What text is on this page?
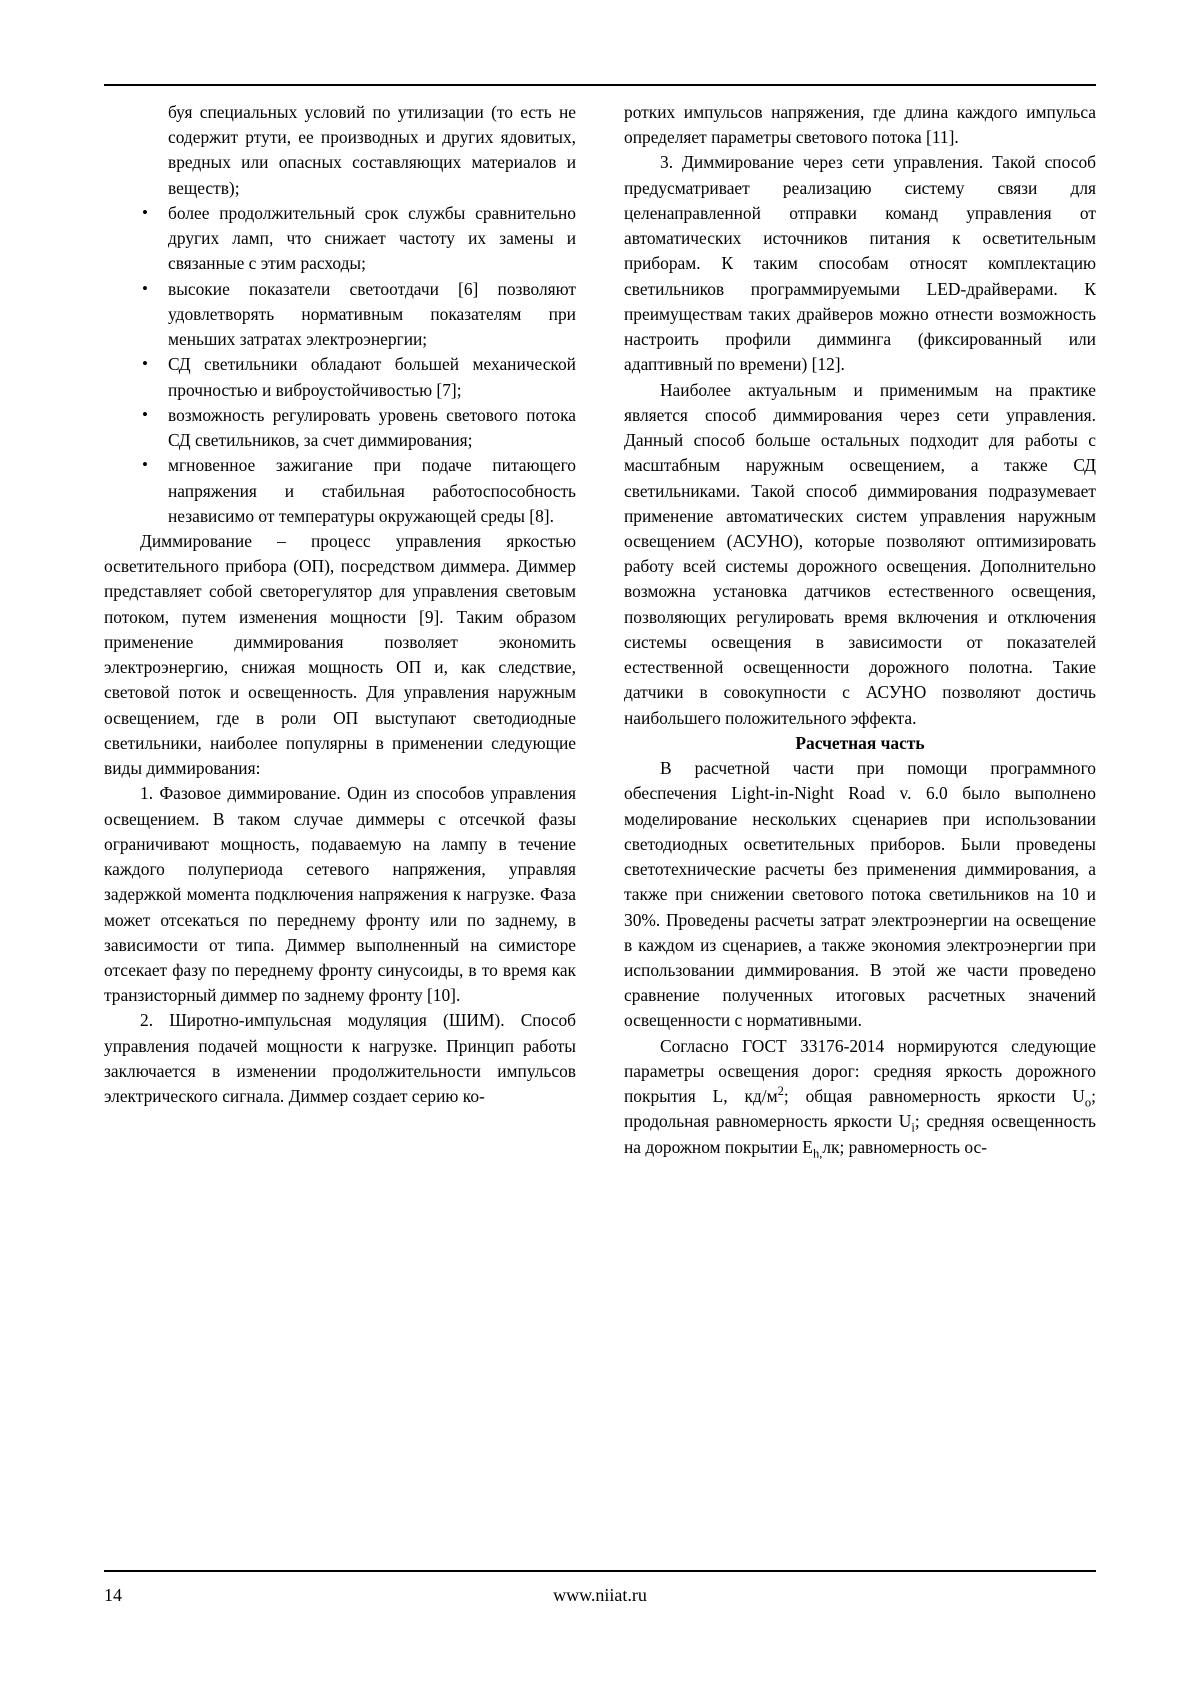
буя специальных условий по утилизации (то есть не содержит ртути, ее производных и других ядовитых, вредных или опасных составляющих материалов и веществ);

• более продолжительный срок службы сравнительно других ламп, что снижает частоту их замены и связанные с этим расходы;
• высокие показатели светоотдачи [6] позволяют удовлетворять нормативным показателям при меньших затратах электроэнергии;
• СД светильники обладают большей механической прочностью и виброустойчивостью [7];
• возможность регулировать уровень светового потока СД светильников, за счет диммирования;
• мгновенное зажигание при подаче питающего напряжения и стабильная работоспособность независимо от температуры окружающей среды [8].

Диммирование – процесс управления яркостью осветительного прибора (ОП), посредством диммера. Диммер представляет собой светорегулятор для управления световым потоком, путем изменения мощности [9]. Таким образом применение диммирования позволяет экономить электроэнергию, снижая мощность ОП и, как следствие, световой поток и освещенность. Для управления наружным освещением, где в роли ОП выступают светодиодные светильники, наиболее популярны в применении следующие виды диммирования:

1. Фазовое диммирование. Один из способов управления освещением. В таком случае диммеры с отсечкой фазы ограничивают мощность, подаваемую на лампу в течение каждого полупериода сетевого напряжения, управляя задержкой момента подключения напряжения к нагрузке. Фаза может отсекаться по переднему фронту или по заднему, в зависимости от типа. Диммер выполненный на симисторе отсекает фазу по переднему фронту синусоиды, в то время как транзисторный диммер по заднему фронту [10].

2. Широтно-импульсная модуляция (ШИМ). Способ управления подачей мощности к нагрузке. Принцип работы заключается в изменении продолжительности импульсов электрического сигнала. Диммер создает серию ко-

ротких импульсов напряжения, где длина каждого импульса определяет параметры светового потока [11].

3. Диммирование через сети управления. Такой способ предусматривает реализацию систему связи для целенаправленной отправки команд управления от автоматических источников питания к осветительным приборам. К таким способам относят комплектацию светильников программируемыми LED-драйверами. К преимуществам таких драйверов можно отнести возможность настроить профили димминга (фиксированный или адаптивный по времени) [12].

Наиболее актуальным и применимым на практике является способ диммирования через сети управления. Данный способ больше остальных подходит для работы с масштабным наружным освещением, а также СД светильниками. Такой способ диммирования подразумевает применение автоматических систем управления наружным освещением (АСУНО), которые позволяют оптимизировать работу всей системы дорожного освещения. Дополнительно возможна установка датчиков естественного освещения, позволяющих регулировать время включения и отключения системы освещения в зависимости от показателей естественной освещенности дорожного полотна. Такие датчики в совокупности с АСУНО позволяют достичь наибольшего положительного эффекта.

Расчетная часть

В расчетной части при помощи программного обеспечения Light-in-Night Road v. 6.0 было выполнено моделирование нескольких сценариев при использовании светодиодных осветительных приборов. Были проведены светотехнические расчеты без применения диммирования, а также при снижении светового потока светильников на 10 и 30%. Проведены расчеты затрат электроэнергии на освещение в каждом из сценариев, а также экономия электроэнергии при использовании диммирования. В этой же части проведено сравнение полученных итоговых расчетных значений освещенности с нормативными.

Согласно ГОСТ 33176-2014 нормируются следующие параметры освещения дорог: средняя яркость дорожного покрытия L, $кд/м^2$; общая равномерность яркости $U_o$; продольная равномерность яркости $U_i$; средняя освещенность на дорожном покрытии $E_{h,}лк$; равномерность ос-

14	www.niiat.ru
